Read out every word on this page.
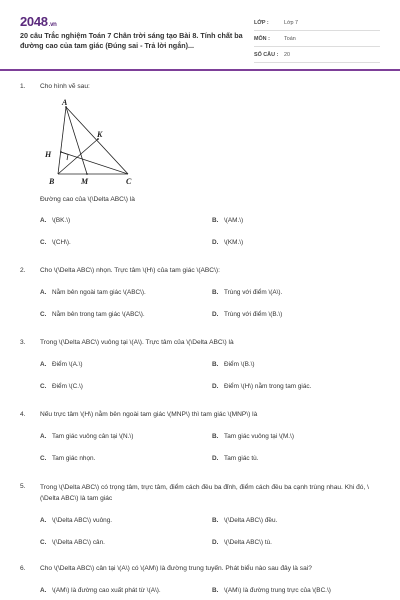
2048.vn
20 câu Trắc nghiệm Toán 7 Chân trời sáng tạo Bài 8. Tính chất ba đường cao của tam giác (Đúng sai - Trả lời ngắn)...
LỚP :	Lớp 7
MÔN :	Toán
SỐ CÂU :	20
1. Cho hình vẽ sau:
A
K
H
B	M	C
Đường cao của \(\Delta ABC\) là
A. \(BK.\)	B. \(AM.\)
C. \(CH\).	D. \(KM.\)
2. Cho \(\Delta ABC\) nhọn. Trực tâm \(H\) của tam giác \(ABC\):
A. Nằm bên ngoài tam giác \(ABC\).	B. Trùng với điểm \(A\).
C. Nằm bên trong tam giác \(ABC\).	D. Trùng với điểm \(B.\)
3. Trong \(\Delta ABC\) vuông tại \(A\). Trực tâm của \(\Delta ABC\) là
A. Điểm \(A.\)	B. Điểm \(B.\)
C. Điểm \(C.\)	D. Điểm \(H\) nằm trong tam giác.
4. Nếu trực tâm \(H\) nằm bên ngoài tam giác \(MNP\) thì tam giác \(MNP\) là
A. Tam giác vuông cân tại \(N.\)	B. Tam giác vuông tại \(M.\)
C. Tam giác nhọn.	D. Tam giác tù.
5.	Trong \(\Delta ABC\) có trọng tâm, trực tâm, điểm cách đều ba đỉnh, điểm cách đều ba cạnh trùng nhau. Khi đó, \(\Delta ABC\) là tam giác
A. \(\Delta ABC\) vuông.	B. \(\Delta ABC\) đều.
C. \(\Delta ABC\) cân.	D. \(\Delta ABC\) tù.
6. Cho \(\Delta ABC\) cân tại \(A\) có \(AM\) là đường trung tuyến. Phát biểu nào sau đây là sai?
A. \(AM\) là đường cao xuất phát từ \(A\).	B. \(AM\) là đường trung trực của \(BC.\)
